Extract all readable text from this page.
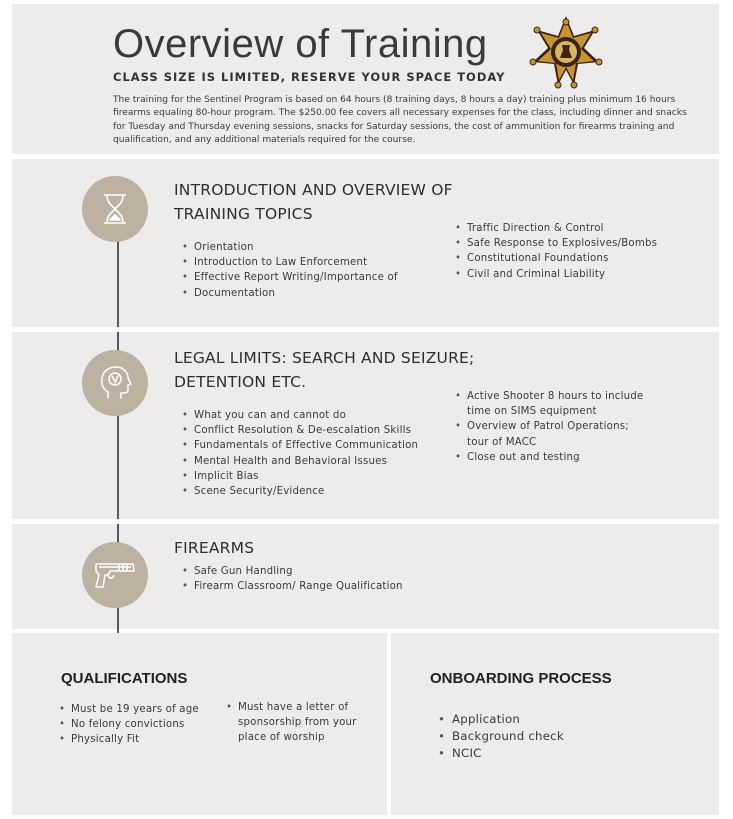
Overview of Training
CLASS SIZE IS LIMITED, RESERVE YOUR SPACE TODAY
The training for the Sentinel Program is based on 64 hours (8 training days, 8 hours a day) training plus minimum 16 hours firearms equaling 80-hour program. The $250.00 fee covers all necessary expenses for the class, including dinner and snacks for Tuesday and Thursday evening sessions, snacks for Saturday sessions, the cost of ammunition for firearms training and qualification, and any additional materials required for the course.
INTRODUCTION AND OVERVIEW OF
TRAINING TOPICS
• Orientation
• Introduction to Law Enforcement
• Effective Report Writing/Importance of
• Documentation
• Traffic Direction & Control
• Safe Response to Explosives/Bombs
• Constitutional Foundations
• Civil and Criminal Liability
LEGAL LIMITS: SEARCH AND SEIZURE;
DETENTION ETC.
• What you can and cannot do
• Conflict Resolution & De-escalation Skills
• Fundamentals of Effective Communication
• Mental Health and Behavioral Issues
• Implicit Bias
• Scene Security/Evidence
• Active Shooter 8 hours to include
time on SIMS equipment
• Overview of Patrol Operations;
tour of MACC
• Close out and testing
FIREARMS
• Safe Gun Handling
• Firearm Classroom/ Range Qualification
QUALIFICATIONS
• Must be 19 years of age
• No felony convictions
• Physically Fit
• Must have a letter of
sponsorship from your
place of worship
ONBOARDING PROCESS
• Application
• Background check
• NCIC
